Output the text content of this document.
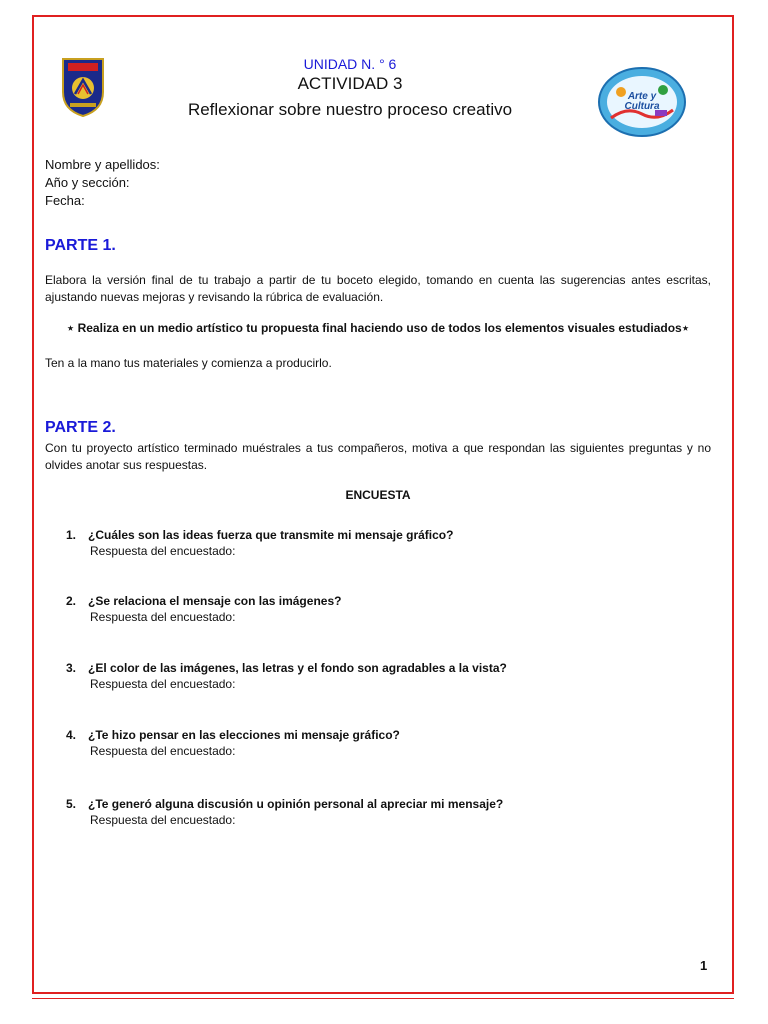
Arte y Cultura
UNIDAD N. ° 6
ACTIVIDAD 3
Reflexionar sobre nuestro proceso creativo
Nombre y apellidos:
Año y sección:
Fecha:
PARTE 1.
Elabora la versión final de tu trabajo a partir de tu boceto elegido, tomando en cuenta las sugerencias antes escritas, ajustando nuevas mejoras y revisando la rúbrica de evaluación.
⋆ Realiza en un medio artístico tu propuesta final haciendo uso de todos los elementos visuales estudiados⋆
Ten a la mano tus materiales y comienza a producirlo.
PARTE 2.
Con tu proyecto artístico terminado muéstrales a tus compañeros, motiva a que respondan las siguientes preguntas y no olvides anotar sus respuestas.
ENCUESTA
1. ¿Cuáles son las ideas fuerza que transmite mi mensaje gráfico?
Respuesta del encuestado:
2. ¿Se relaciona el mensaje con las imágenes?
Respuesta del encuestado:
3. ¿El color de las imágenes, las letras y el fondo son agradables a la vista?
Respuesta del encuestado:
4. ¿Te hizo pensar en las elecciones mi mensaje gráfico?
Respuesta del encuestado:
5. ¿Te generó alguna discusión u opinión personal al apreciar mi mensaje?
Respuesta del encuestado:
1
